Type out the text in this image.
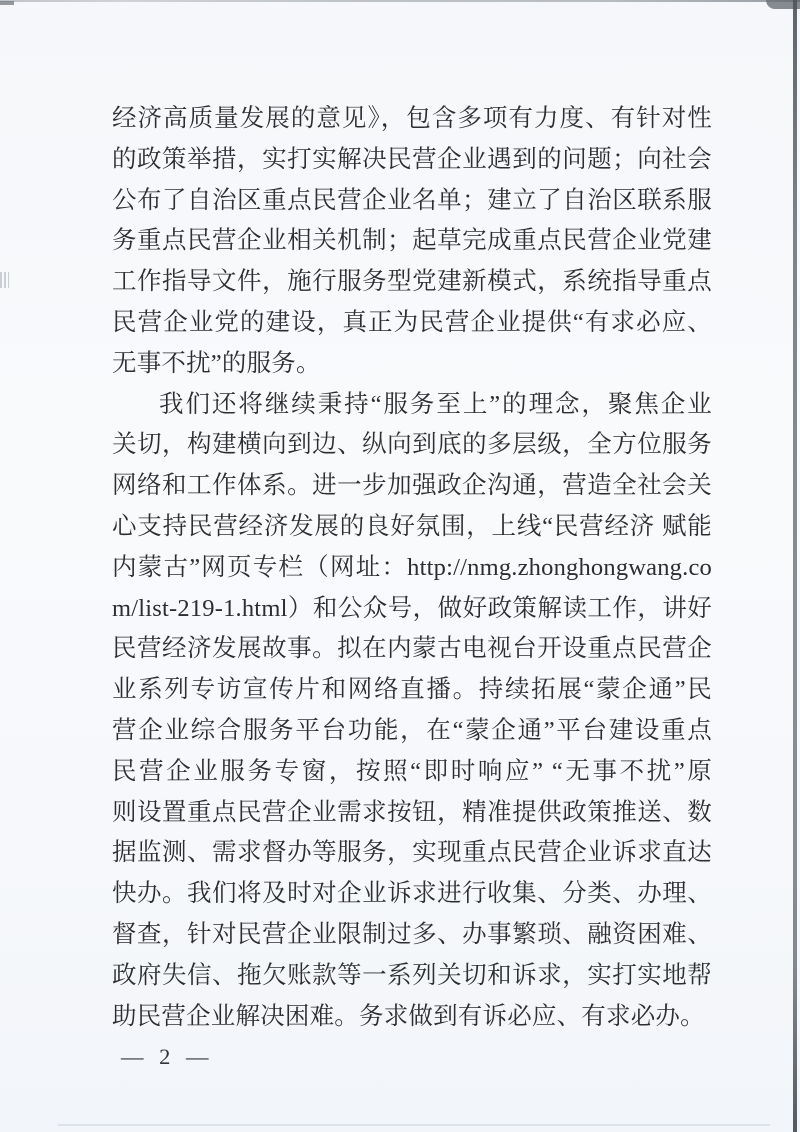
经济高质量发展的意见》，包含多项有力度、有针对性
的政策举措，实打实解决民营企业遇到的问题；向社会
公布了自治区重点民营企业名单；建立了自治区联系服
务重点民营企业相关机制；起草完成重点民营企业党建
工作指导文件，施行服务型党建新模式，系统指导重点
民营企业党的建设，真正为民营企业提供“有求必应、
无事不扰”的服务。
我们还将继续秉持“服务至上”的理念，聚焦企业
关切，构建横向到边、纵向到底的多层级，全方位服务
网络和工作体系。进一步加强政企沟通，营造全社会关
心支持民营经济发展的良好氛围，上线“民营经济 赋能
内蒙古”网页专栏（网址：http://nmg.zhonghongwang.co
m/list-219-1.html）和公众号，做好政策解读工作，讲好
民营经济发展故事。拟在内蒙古电视台开设重点民营企
业系列专访宣传片和网络直播。持续拓展“蒙企通”民
营企业综合服务平台功能，在“蒙企通”平台建设重点
民营企业服务专窗，按照“即时响应” “无事不扰”原
则设置重点民营企业需求按钮，精准提供政策推送、数
据监测、需求督办等服务，实现重点民营企业诉求直达
快办。我们将及时对企业诉求进行收集、分类、办理、
督查，针对民营企业限制过多、办事繁琐、融资困难、
政府失信、拖欠账款等一系列关切和诉求，实打实地帮
助民营企业解决困难。务求做到有诉必应、有求必办。
— 2 —
